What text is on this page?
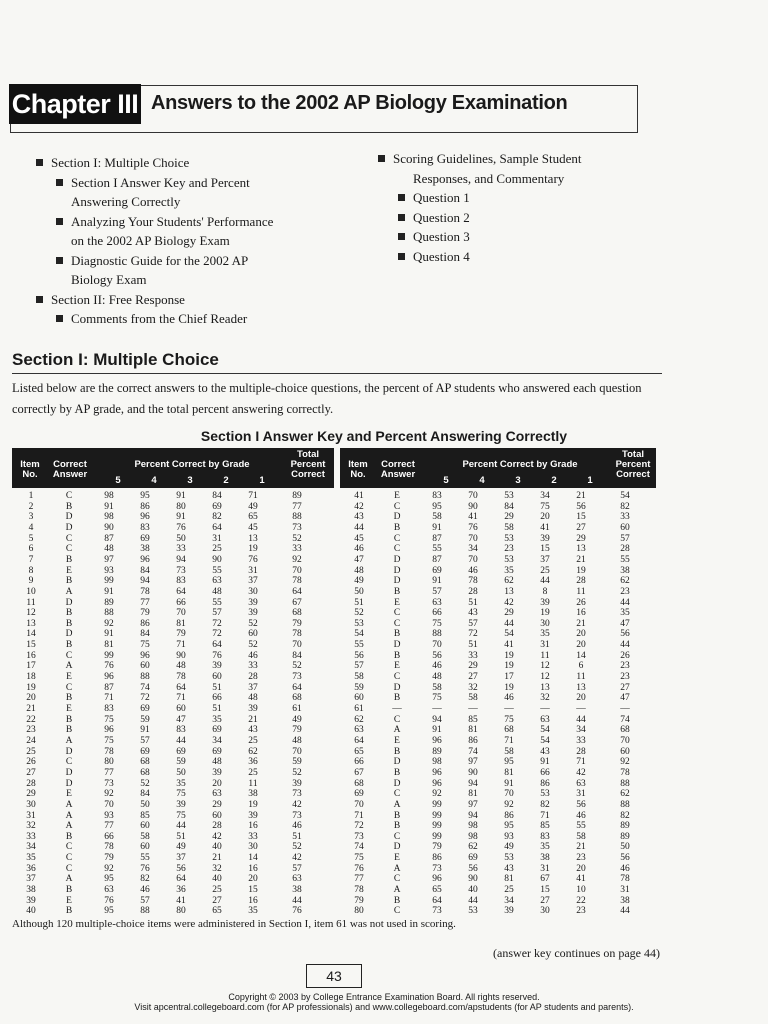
Chapter III Answers to the 2002 AP Biology Examination
Section I: Multiple Choice
Section I Answer Key and Percent
Answering Correctly
Analyzing Your Students' Performance
on the 2002 AP Biology Exam
Diagnostic Guide for the 2002 AP
Biology Exam
Section II: Free Response
Comments from the Chief Reader
Scoring Guidelines, Sample Student
Responses, and Commentary
Question 1
Question 2
Question 3
Question 4
Section I: Multiple Choice
Listed below are the correct answers to the multiple-choice questions, the percent of AP students who answered each question correctly by AP grade, and the total percent answering correctly.
Section I Answer Key and Percent Answering Correctly
Item No.
Correct Answer
Percent Correct by Grade
5	4	3	2	1
Total Percent Correct
1	C	98	95	91	84	71	89
2	B	91	86	80	69	49	77
3	D	98	96	91	82	65	88
4	D	90	83	76	64	45	73
5	C	87	69	50	31	13	52
6	C	48	38	33	25	19	33
7	B	97	96	94	90	76	92
8	E	93	84	73	55	31	70
9	B	99	94	83	63	37	78
10	A	91	78	64	48	30	64
11	D	89	77	66	55	39	67
12	B	88	79	70	57	39	68
13	B	92	86	81	72	52	79
14	D	91	84	79	72	60	78
15	B	81	75	71	64	52	70
16	C	99	96	90	76	46	84
17	A	76	60	48	39	33	52
18	E	96	88	78	60	28	73
19	C	87	74	64	51	37	64
20	B	71	72	71	66	48	68
21	E	83	69	60	51	39	61
22	B	75	59	47	35	21	49
23	B	96	91	83	69	43	79
24	A	75	57	44	34	25	48
25	D	78	69	69	69	62	70
26	C	80	68	59	48	36	59
27	D	77	68	50	39	25	52
28	D	73	52	35	20	11	39
29	E	92	84	75	63	38	73
30	A	70	50	39	29	19	42
31	A	93	85	75	60	39	73
32	A	77	60	44	28	16	46
33	B	66	58	51	42	33	51
34	C	78	60	49	40	30	52
35	C	79	55	37	21	14	42
36	C	92	76	56	32	16	57
37	A	95	82	64	40	20	63
38	B	63	46	36	25	15	38
39	E	76	57	41	27	16	44
40	B	95	88	80	65	35	76
Item No.
Correct Answer
Percent Correct by Grade
5	4	3	2	1
Total Percent Correct
41	E	83	70	53	34	21	54
42	C	95	90	84	75	56	82
43	D	58	41	29	20	15	33
44	B	91	76	58	41	27	60
45	C	87	70	53	39	29	57
46	C	55	34	23	15	13	28
47	D	87	70	53	37	21	55
48	D	69	46	35	25	19	38
49	D	91	78	62	44	28	62
50	B	57	28	13	8	11	23
51	E	63	51	42	39	26	44
52	C	66	43	29	19	16	35
53	C	75	57	44	30	21	47
54	B	88	72	54	35	20	56
55	D	70	51	41	31	20	44
56	B	56	33	19	11	14	26
57	E	46	29	19	12	6	23
58	C	48	27	17	12	11	23
59	D	58	32	19	13	13	27
60	B	75	58	46	32	20	47
61	—	—	—	—	—	—	—
62	C	94	85	75	63	44	74
63	A	91	81	68	54	34	68
64	E	96	86	71	54	33	70
65	B	89	74	58	43	28	60
66	D	98	97	95	91	71	92
67	B	96	90	81	66	42	78
68	D	96	94	91	86	63	88
69	C	92	81	70	53	31	62
70	A	99	97	92	82	56	88
71	B	99	94	86	71	46	82
72	B	99	98	95	85	55	89
73	C	99	98	93	83	58	89
74	D	79	62	49	35	21	50
75	E	86	69	53	38	23	56
76	A	73	56	43	31	20	46
77	C	96	90	81	67	41	78
78	A	65	40	25	15	10	31
79	B	64	44	34	27	22	38
80	C	73	53	39	30	23	44
Although 120 multiple-choice items were administered in Section I, item 61 was not used in scoring.
(answer key continues on page 44)
43
Copyright © 2003 by College Entrance Examination Board. All rights reserved.
Visit apcentral.collegeboard.com (for AP professionals) and www.collegeboard.com/apstudents (for AP students and parents).
